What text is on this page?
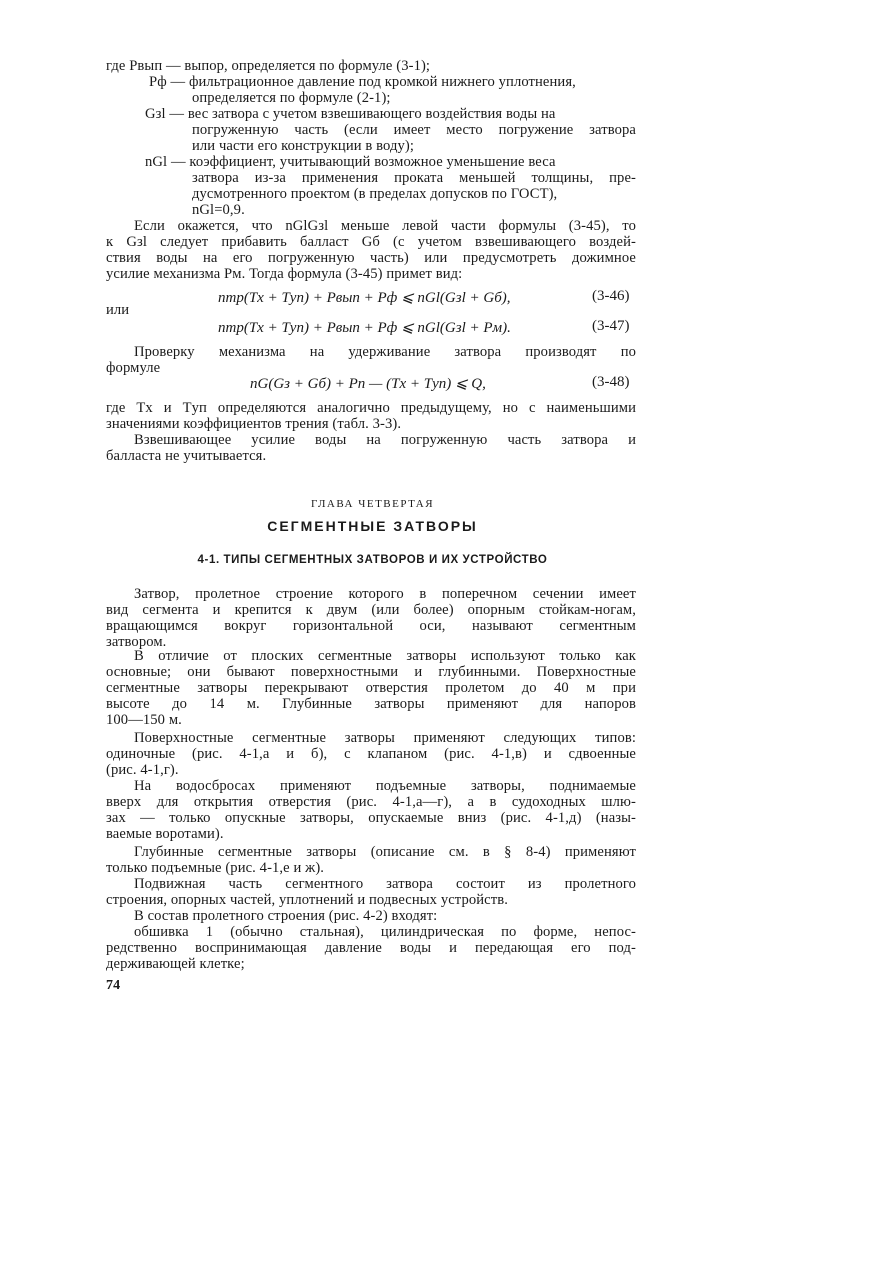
где Pвып — выпор, определяется по формуле (3-1);
Pф — фильтрационное давление под кромкой нижнего уплотнения,
определяется по формуле (2-1);
Gзl — вес затвора с учетом взвешивающего воздействия воды на
погруженную часть (если имеет место погружение затвора
или части его конструкции в воду);
nGl — коэффициент, учитывающий возможное уменьшение веса
затвора из-за применения проката меньшей толщины, пре-
дусмотренного проектом (в пределах допусков по ГОСТ),
nGl=0,9.
Если окажется, что nGlGзl меньше левой части формулы (3-45), то
к Gзl следует прибавить балласт Gб (с учетом взвешивающего воздей-
ствия воды на его погруженную часть) или предусмотреть дожимное
усилие механизма Pм. Тогда формула (3-45) примет вид:
nтр(Tx + Tуп) + Pвып + Pф ⩽ nGl(Gзl + Gб),	(3-46)
или
nтр(Tx + Tуп) + Pвып + Pф ⩽ nGl(Gзl + Pм).	(3-47)
Проверку механизма на удерживание затвора производят по
формуле
nG(Gз + Gб) + Pп — (Tx + Tуп) ⩽ Q,	(3-48)
где Tx и Tуп определяются аналогично предыдущему, но с наименьшими
значениями коэффициентов трения (табл. 3-3).
Взвешивающее усилие воды на погруженную часть затвора и
балласта не учитывается.
ГЛАВА ЧЕТВЕРТАЯ
СЕГМЕНТНЫЕ ЗАТВОРЫ
4-1. ТИПЫ СЕГМЕНТНЫХ ЗАТВОРОВ И ИХ УСТРОЙСТВО
Затвор, пролетное строение которого в поперечном сечении имеет
вид сегмента и крепится к двум (или более) опорным стойкам-ногам,
вращающимся вокруг горизонтальной оси, называют сегментным
затвором.
В отличие от плоских сегментные затворы используют только как
основные; они бывают поверхностными и глубинными. Поверхностные
сегментные затворы перекрывают отверстия пролетом до 40 м при
высоте до 14 м. Глубинные затворы применяют для напоров
100—150 м.
Поверхностные сегментные затворы применяют следующих типов:
одиночные (рис. 4-1,а и б), с клапаном (рис. 4-1,в) и сдвоенные
(рис. 4-1,г).
На водосбросах применяют подъемные затворы, поднимаемые
вверх для открытия отверстия (рис. 4-1,а—г), а в судоходных шлю-
зах — только опускные затворы, опускаемые вниз (рис. 4-1,д) (назы-
ваемые воротами).
Глубинные сегментные затворы (описание см. в § 8-4) применяют
только подъемные (рис. 4-1,е и ж).
Подвижная часть сегментного затвора состоит из пролетного
строения, опорных частей, уплотнений и подвесных устройств.
В состав пролетного строения (рис. 4-2) входят:
обшивка 1 (обычно стальная), цилиндрическая по форме, непос-
редственно воспринимающая давление воды и передающая его под-
держивающей клетке;
74
